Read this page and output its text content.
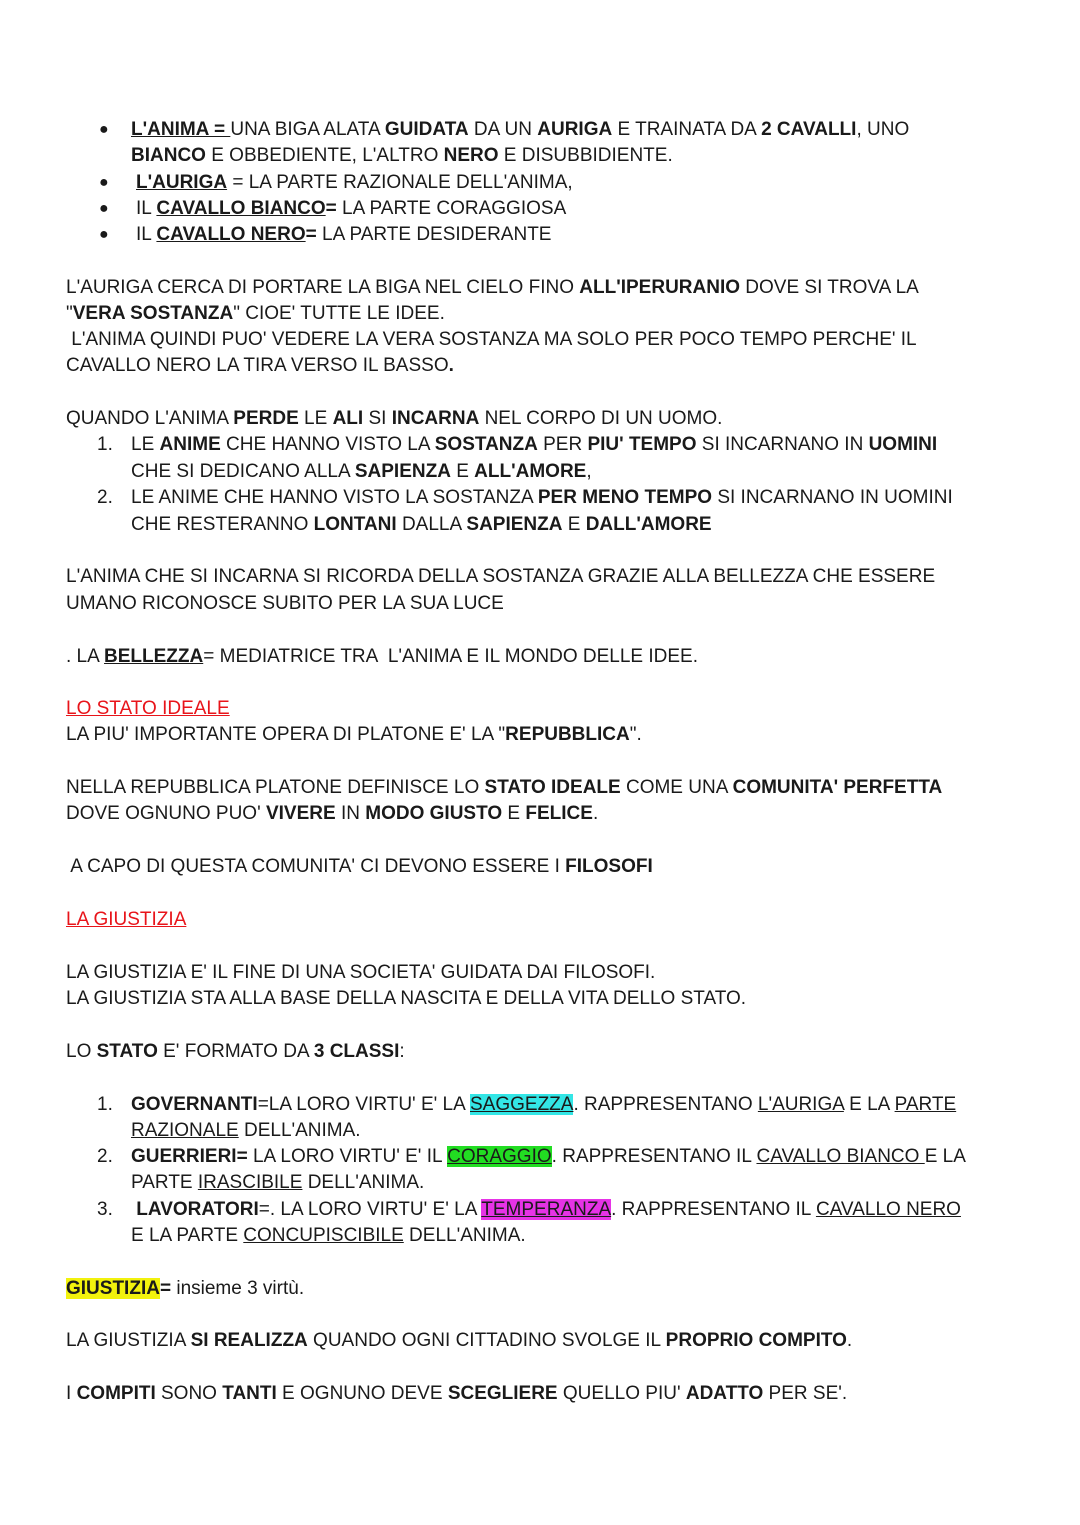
●
●
●
●
L'ANIMA = UNA BIGA ALATA GUIDATA DA UN AURIGA E TRAINATA DA 2 CAVALLI, UNO
BIANCO E OBBEDIENTE, L'ALTRO NERO E DISUBBIDIENTE.
L'AURIGA = LA PARTE RAZIONALE DELL'ANIMA,
IL CAVALLO BIANCO= LA PARTE CORAGGIOSA
IL CAVALLO NERO= LA PARTE DESIDERANTE
L'AURIGA CERCA DI PORTARE LA BIGA NEL CIELO FINO ALL'IPERURANIO DOVE SI TROVA LA
"VERA SOSTANZA" CIOE' TUTTE LE IDEE.
L'ANIMA QUINDI PUO' VEDERE LA VERA SOSTANZA MA SOLO PER POCO TEMPO PERCHE' IL
CAVALLO NERO LA TIRA VERSO IL BASSO.
QUANDO L'ANIMA PERDE LE ALI SI INCARNA NEL CORPO DI UN UOMO.
1. LE ANIME CHE HANNO VISTO LA SOSTANZA PER PIU' TEMPO SI INCARNANO IN UOMINI
CHE SI DEDICANO ALLA SAPIENZA E ALL'AMORE,
2. LE ANIME CHE HANNO VISTO LA SOSTANZA PER MENO TEMPO SI INCARNANO IN UOMINI
CHE RESTERANNO LONTANI DALLA SAPIENZA E DALL'AMORE
L'ANIMA CHE SI INCARNA SI RICORDA DELLA SOSTANZA GRAZIE ALLA BELLEZZA CHE ESSERE
UMANO RICONOSCE SUBITO PER LA SUA LUCE
. LA BELLEZZA= MEDIATRICE TRA  L'ANIMA E IL MONDO DELLE IDEE.
LO STATO IDEALE
LA PIU' IMPORTANTE OPERA DI PLATONE E' LA "REPUBBLICA".
NELLA REPUBBLICA PLATONE DEFINISCE LO STATO IDEALE COME UNA COMUNITA' PERFETTA
DOVE OGNUNO PUO' VIVERE IN MODO GIUSTO E FELICE.
A CAPO DI QUESTA COMUNITA' CI DEVONO ESSERE I FILOSOFI
LA GIUSTIZIA
LA GIUSTIZIA E' IL FINE DI UNA SOCIETA' GUIDATA DAI FILOSOFI.
LA GIUSTIZIA STA ALLA BASE DELLA NASCITA E DELLA VITA DELLO STATO.
LO STATO E' FORMATO DA 3 CLASSI:
1. GOVERNANTI=LA LORO VIRTU' E' LA SAGGEZZA. RAPPRESENTANO L'AURIGA E LA PARTE
RAZIONALE DELL'ANIMA.
2. GUERRIERI= LA LORO VIRTU' E' IL CORAGGIO. RAPPRESENTANO IL CAVALLO BIANCO E LA
PARTE IRASCIBILE DELL'ANIMA.
3. LAVORATORI=. LA LORO VIRTU' E' LA TEMPERANZA. RAPPRESENTANO IL CAVALLO NERO
E LA PARTE CONCUPISCIBILE DELL'ANIMA.
GIUSTIZIA= insieme 3 virtù.
LA GIUSTIZIA SI REALIZZA QUANDO OGNI CITTADINO SVOLGE IL PROPRIO COMPITO.
I COMPITI SONO TANTI E OGNUNO DEVE SCEGLIERE QUELLO PIU' ADATTO PER SE'.
